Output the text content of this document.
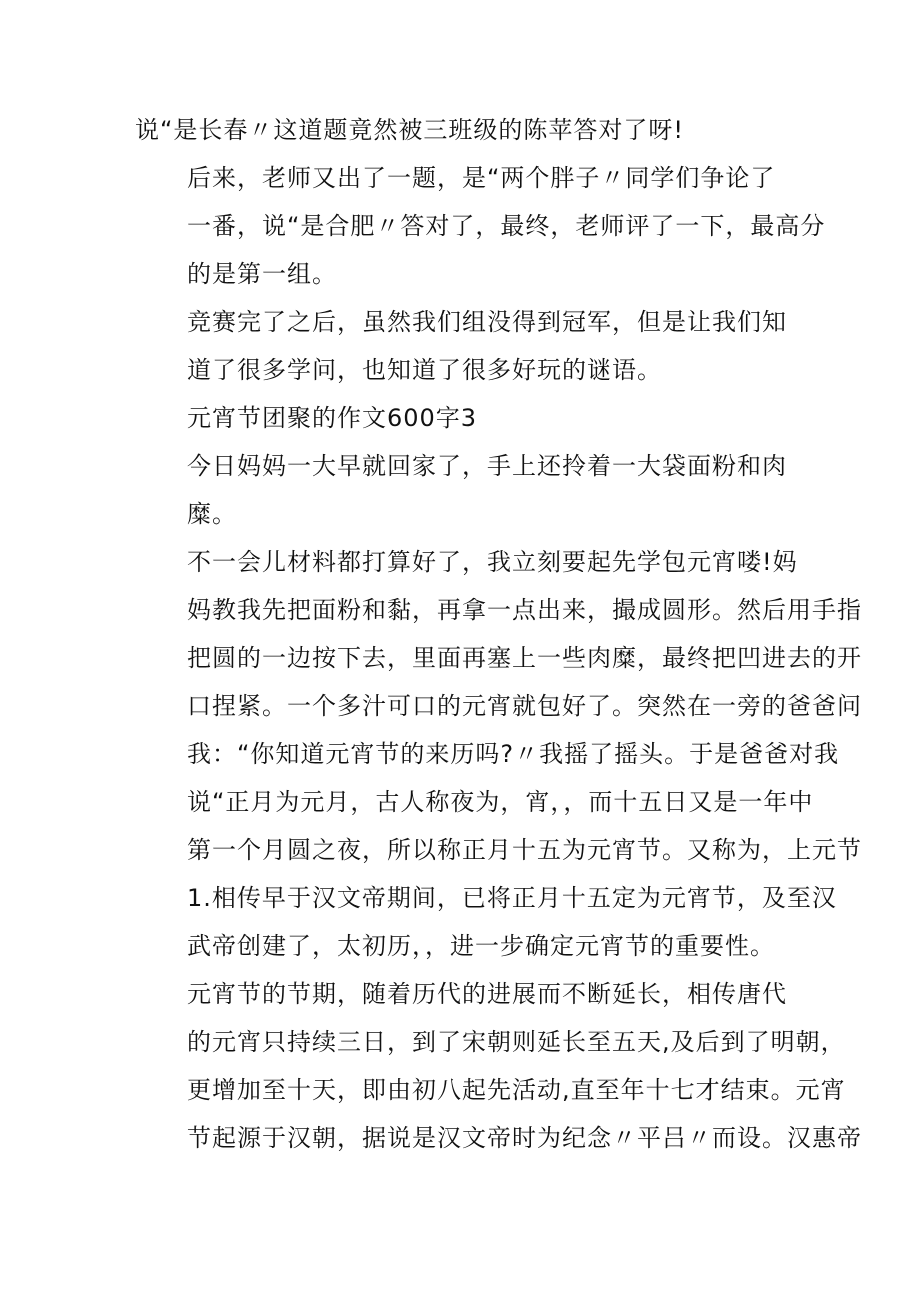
说“是长春〃这道题竟然被三班级的陈苹答对了呀!

后来，老师又出了一题，是“两个胖子〃同学们争论了
一番，说“是合肥〃答对了，最终，老师评了一下，最高分
的是第一组。

竞赛完了之后，虽然我们组没得到冠军，但是让我们知
道了很多学问，也知道了很多好玩的谜语。

元宵节团聚的作文600字3

今日妈妈一大早就回家了，手上还拎着一大袋面粉和肉
糜。

不一会儿材料都打算好了，我立刻要起先学包元宵喽!妈
妈教我先把面粉和黏，再拿一点出来，撮成圆形。然后用手指
把圆的一边按下去，里面再塞上一些肉糜，最终把凹进去的开
口捏紧。一个多汁可口的元宵就包好了。突然在一旁的爸爸问
我：“你知道元宵节的来历吗?〃我摇了摇头。于是爸爸对我
说“正月为元月，古人称夜为，宵，，而十五日又是一年中
第一个月圆之夜，所以称正月十五为元宵节。又称为，上元节
1.相传早于汉文帝期间，已将正月十五定为元宵节，及至汉
武帝创建了，太初历，，进一步确定元宵节的重要性。

元宵节的节期，随着历代的进展而不断延长，相传唐代
的元宵只持续三日，到了宋朝则延长至五天,及后到了明朝，
更增加至十天，即由初八起先活动,直至年十七才结束。元宵
节起源于汉朝，据说是汉文帝时为纪念〃平吕〃而设。汉惠帝
